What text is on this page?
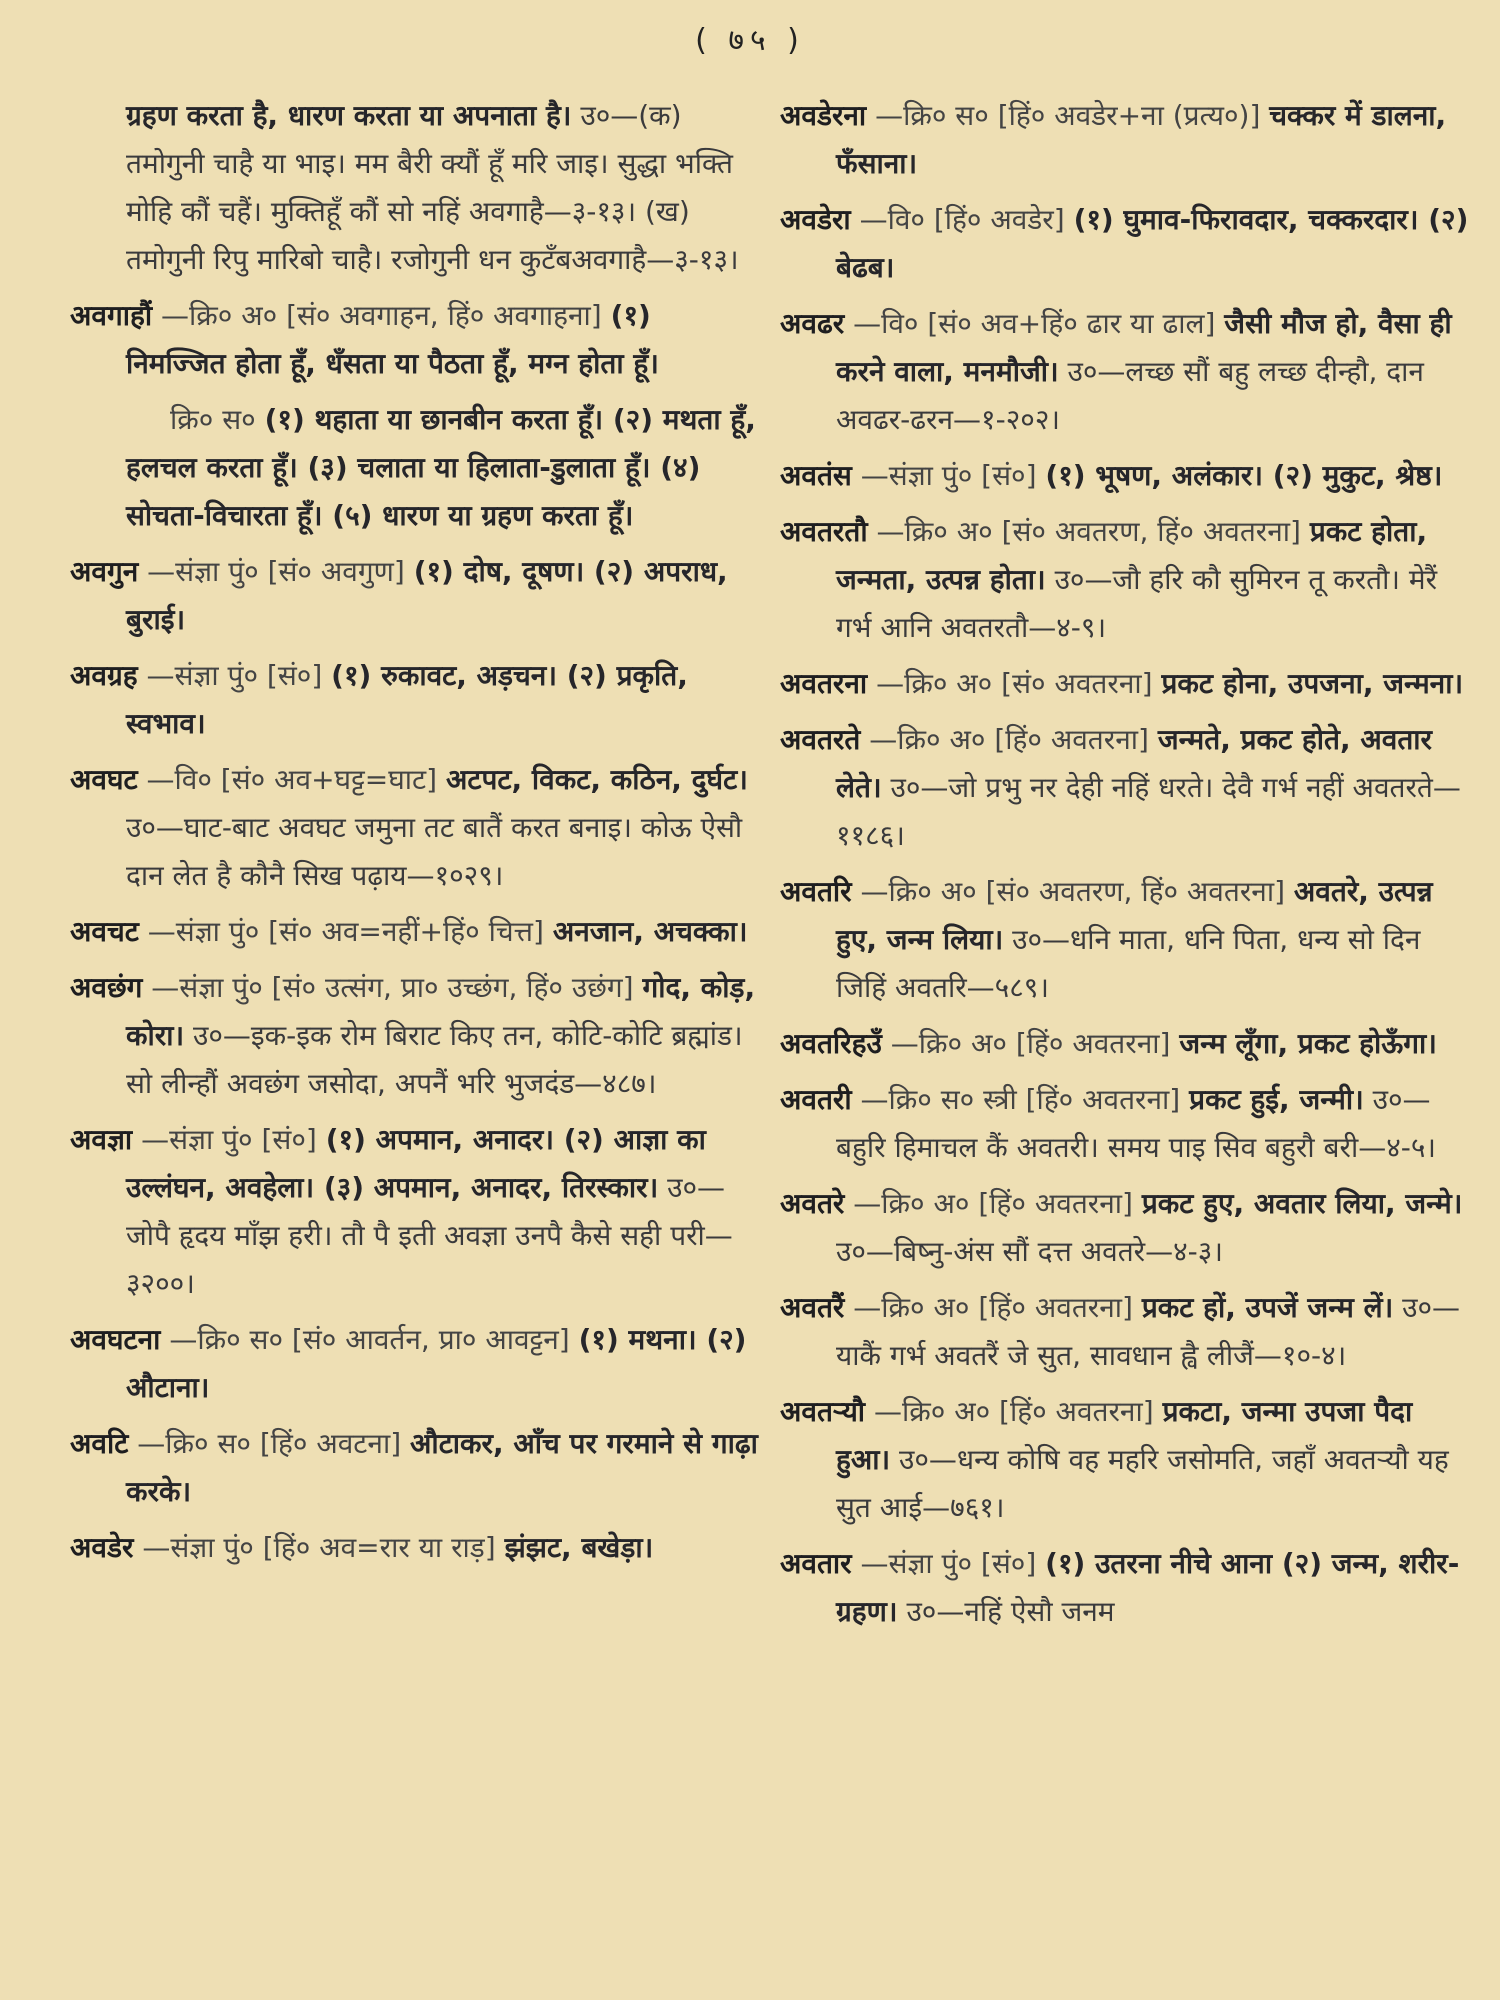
( ७५ )
ग्रहण करता है, धारण करता या अपनाता है। उ०—(क) तमोगुनी चाहै या भाइ। मम बैरी क्यौं हूँ मरि जाइ। सुद्धा भक्ति मोहि कौं चहैं। मुक्तिहूँ कौं सो नहिं अवगाहै—३-१३। (ख) तमोगुनी रिपु मारिबो चाहै। रजोगुनी धन कुटँबअवगाहै—३-१३।
अवगाहौं —क्रि० अ० [सं० अवगाहन, हिं० अवगाहना] (१) निमज्जित होता हूँ, धँसता या पैठता हूँ, मग्न होता हूँ।
क्रि० स० (१) थहाता या छानबीन करता हूँ। (२) मथता हूँ, हलचल करता हूँ। (३) चलाता या हिलाता-डुलाता हूँ। (४) सोचता-विचारता हूँ। (५) धारण या ग्रहण करता हूँ।
अवगुन —संज्ञा पुं० [सं० अवगुण] (१) दोष, दूषण। (२) अपराध, बुराई।
अवग्रह —संज्ञा पुं० [सं०] (१) रुकावट, अड़चन। (२) प्रकृति, स्वभाव।
अवघट —वि० [सं० अव+घट्ट=घाट] अटपट, विकट, कठिन, दुर्घट। उ०—घाट-बाट अवघट जमुना तट बातैं करत बनाइ। कोऊ ऐसौ दान लेत है कौनै सिख पढ़ाय—१०२९।
अवचट —संज्ञा पुं० [सं० अव=नहीं+हिं० चित्त] अनजान, अचक्का।
अवछंग —संज्ञा पुं० [सं० उत्संग, प्रा० उच्छंग, हिं० उछंग] गोद, कोड़, कोरा। उ०—इक-इक रोम बिराट किए तन, कोटि-कोटि ब्रह्मांड। सो लीन्हौं अवछंग जसोदा, अपनैं भरि भुजदंड—४८७।
अवज्ञा —संज्ञा पुं० [सं०] (१) अपमान, अनादर। (२) आज्ञा का उल्लंघन, अवहेला। (३) अपमान, अनादर, तिरस्कार। उ०—जोपै हृदय माँझ हरी। तौ पै इती अवज्ञा उनपै कैसे सही परी—३२००।
अवघटना —क्रि० स० [सं० आवर्तन, प्रा० आवट्टन] (१) मथना। (२) औटाना।
अवटि —क्रि० स० [हिं० अवटना] औटाकर, आँच पर गरमाने से गाढ़ा करके।
अवडेर —संज्ञा पुं० [हिं० अव=रार या राड़] झंझट, बखेड़ा।
अवडेरना —क्रि० स० [हिं० अवडेर+ना (प्रत्य०)] चक्कर में डालना, फँसाना।
अवडेरा —वि० [हिं० अवडेर] (१) घुमाव-फिरावदार, चक्करदार। (२) बेढब।
अवढर —वि० [सं० अव+हिं० ढार या ढाल] जैसी मौज हो, वैसा ही करने वाला, मनमौजी। उ०—लच्छ सौं बहु लच्छ दीन्हौ, दान अवढर-ढरन—१-२०२।
अवतंस —संज्ञा पुं० [सं०] (१) भूषण, अलंकार। (२) मुकुट, श्रेष्ठ।
अवतरतौ —क्रि० अ० [सं० अवतरण, हिं० अवतरना] प्रकट होता, जन्मता, उत्पन्न होता। उ०—जौ हरि कौ सुमिरन तू करतौ। मेरैं गर्भ आनि अवतरतौ—४-९।
अवतरना —क्रि० अ० [सं० अवतरना] प्रकट होना, उपजना, जन्मना।
अवतरते —क्रि० अ० [हिं० अवतरना] जन्मते, प्रकट होते, अवतार लेते। उ०—जो प्रभु नर देही नहिं धरते। देवै गर्भ नहीं अवतरते—११८६।
अवतरि —क्रि० अ० [सं० अवतरण, हिं० अवतरना] अवतरे, उत्पन्न हुए, जन्म लिया। उ०—धनि माता, धनि पिता, धन्य सो दिन जिहिं अवतरि—५८९।
अवतरिहउँ —क्रि० अ० [हिं० अवतरना] जन्म लूँगा, प्रकट होऊँगा।
अवतरी —क्रि० स० स्त्री [हिं० अवतरना] प्रकट हुई, जन्मी। उ०—बहुरि हिमाचल कैं अवतरी। समय पाइ सिव बहुरौ बरी—४-५।
अवतरे —क्रि० अ० [हिं० अवतरना] प्रकट हुए, अवतार लिया, जन्मे। उ०—बिष्नु-अंस सौं दत्त अवतरे—४-३।
अवतरैं —क्रि० अ० [हिं० अवतरना] प्रकट हों, उपजें जन्म लें। उ०—याकैं गर्भ अवतरैं जे सुत, सावधान ह्वै लीजैं—१०-४।
अवतर्‍यौ —क्रि० अ० [हिं० अवतरना] प्रकटा, जन्मा उपजा पैदा हुआ। उ०—धन्य कोषि वह महरि जसोमति, जहाँ अवतर्‍यौ यह सुत आई—७६१।
अवतार —संज्ञा पुं० [सं०] (१) उतरना नीचे आना (२) जन्म, शरीर-ग्रहण। उ०—नहिं ऐसौ जनम
